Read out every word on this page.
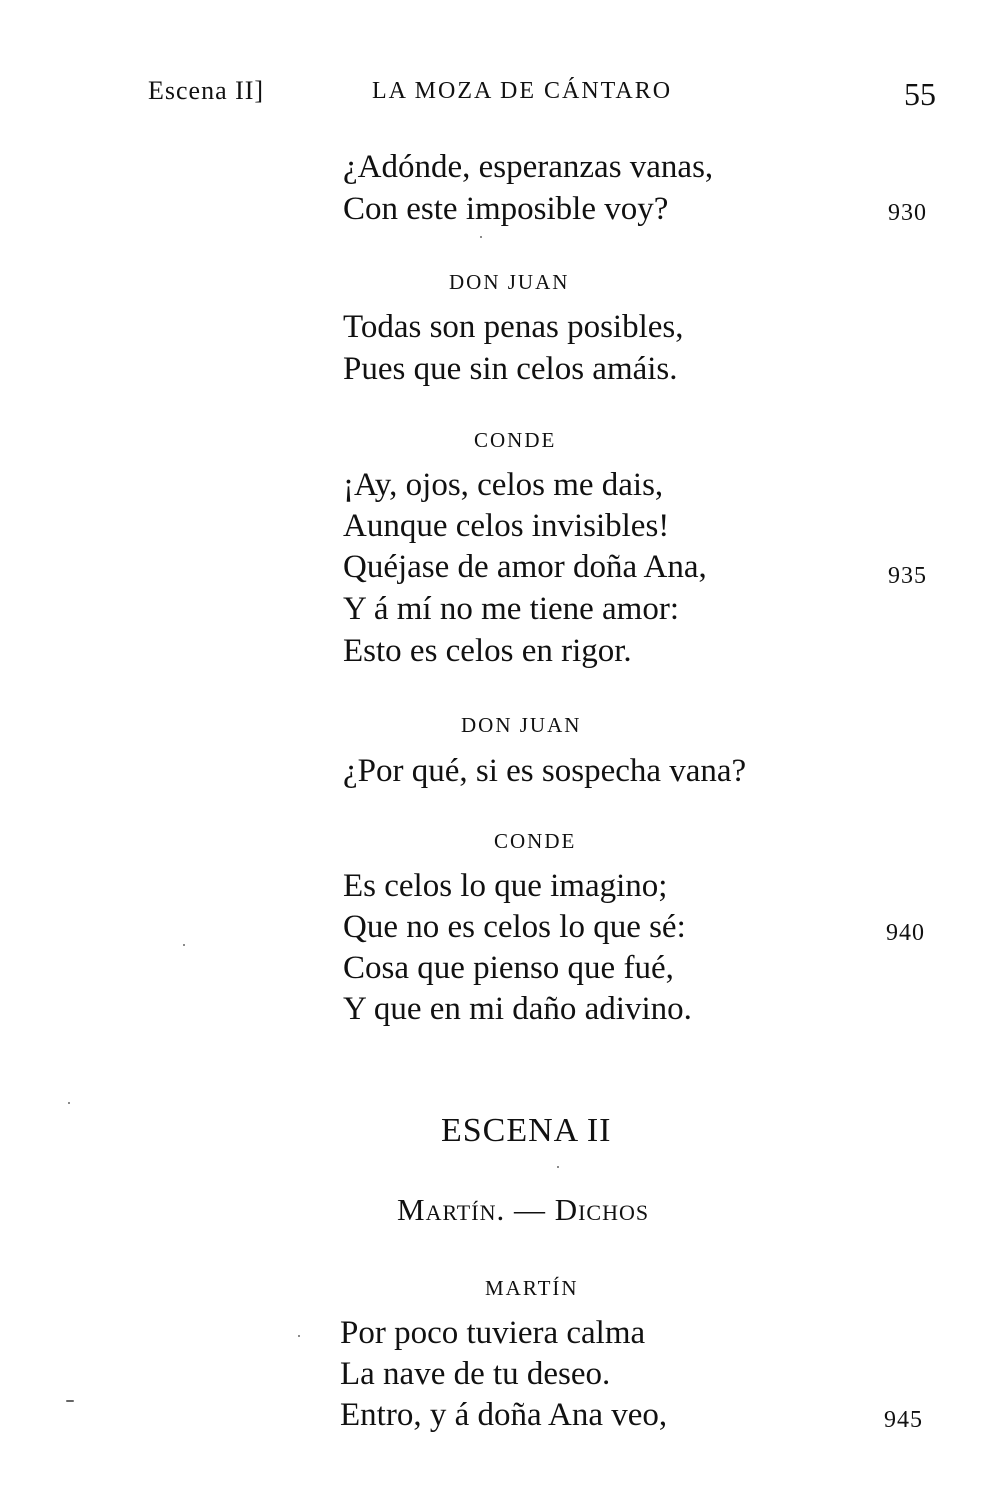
Escena II]	LA MOZA DE CÁNTARO	55
¿Adónde, esperanzas vanas,
Con este imposible voy?	930
DON JUAN
Todas son penas posibles,
Pues que sin celos amáis.
CONDE
¡Ay, ojos, celos me dais,
Aunque celos invisibles!
Quéjase de amor doña Ana,	935
Y á mí no me tiene amor:
Esto es celos en rigor.
DON JUAN
¿Por qué, si es sospecha vana?
CONDE
Es celos lo que imagino;
Que no es celos lo que sé:	940
Cosa que pienso que fué,
Y que en mi daño adivino.
ESCENA II
Martín. — Dichos
MARTÍN
Por poco tuviera calma
La nave de tu deseo.
Entro, y á doña Ana veo,	945
